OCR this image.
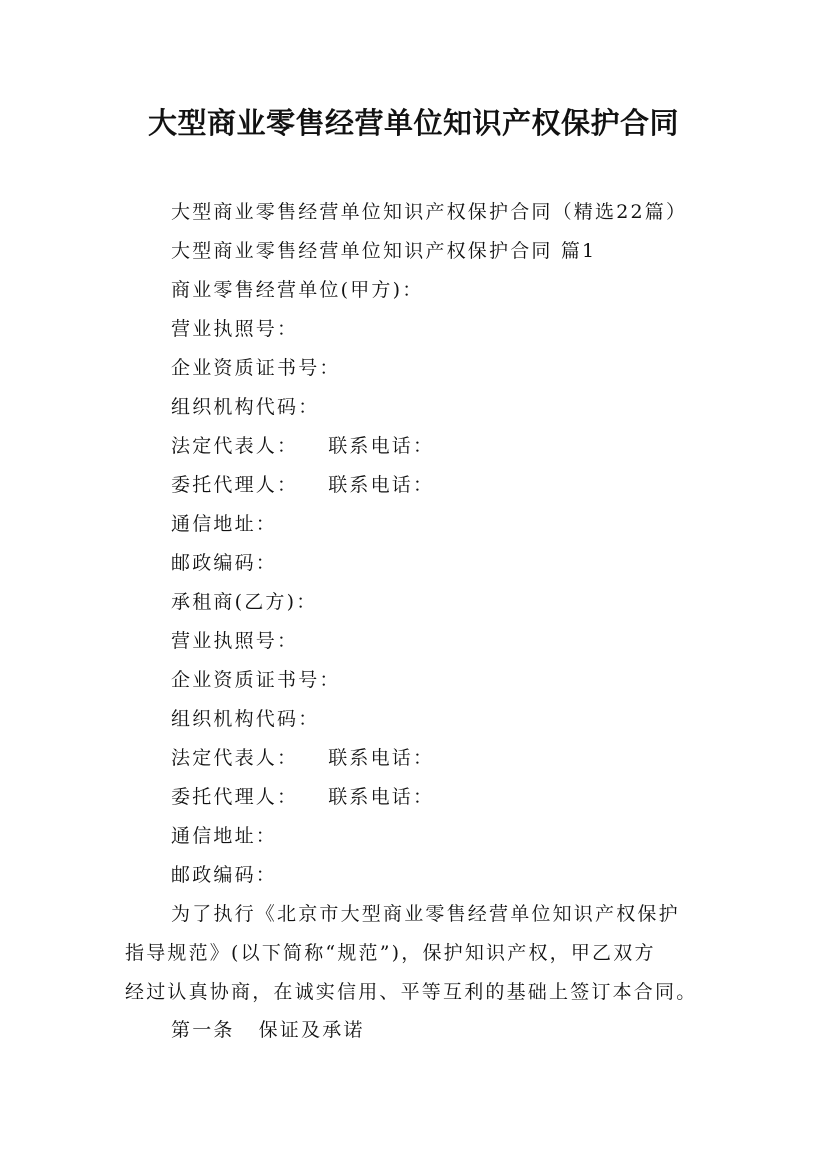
大型商业零售经营单位知识产权保护合同
大型商业零售经营单位知识产权保护合同（精选22篇）
大型商业零售经营单位知识产权保护合同 篇1
商业零售经营单位(甲方)：
营业执照号：
企业资质证书号：
组织机构代码：
法定代表人： 联系电话：
委托代理人： 联系电话：
通信地址：
邮政编码：
承租商(乙方)：
营业执照号：
企业资质证书号：
组织机构代码：
法定代表人： 联系电话：
委托代理人： 联系电话：
通信地址：
邮政编码：

为了执行《北京市大型商业零售经营单位知识产权保护

指导规范》(以下简称“规范”)，保护知识产权，甲乙双方

经过认真协商，在诚实信用、平等互利的基础上签订本合同。

第一条 保证及承诺
